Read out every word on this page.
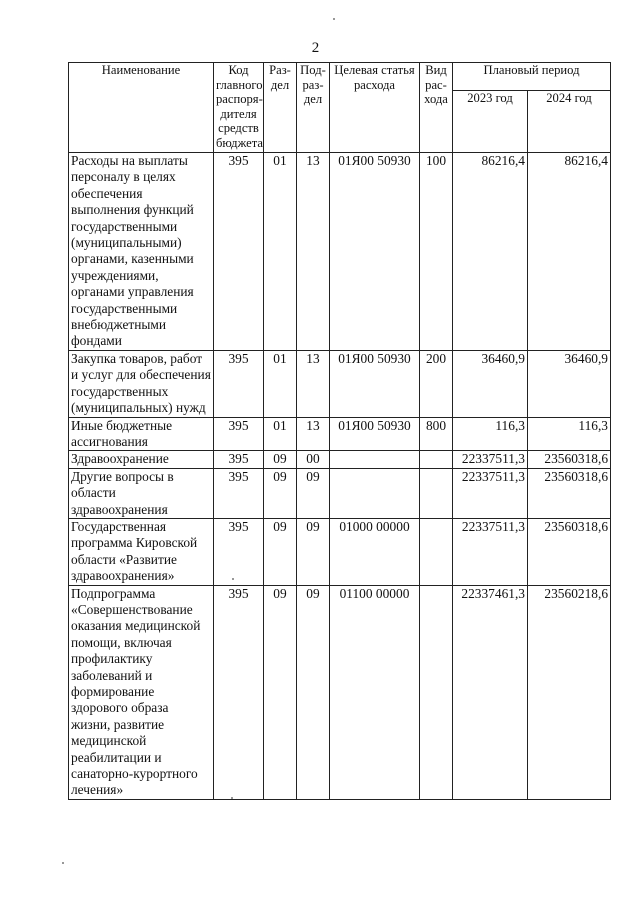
2
Наименование	Код главного распоря-дителя средств бюджета	Раз-дел	Под-раз-дел	Целевая статья расхода	Вид рас-хода	Плановый период	
						2023 год	2024 год
Расходы на выплаты персоналу в целях обеспечения выполнения функций государственными (муниципальными) органами, казенными учреждениями, органами управления государственными внебюджетными фондами	395	01	13	01Я00 50930	100	86216,4	86216,4
Закупка товаров, работ и услуг для обеспечения государственных (муниципальных) нужд	395	01	13	01Я00 50930	200	36460,9	36460,9
Иные бюджетные ассигнования	395	01	13	01Я00 50930	800	116,3	116,3
Здравоохранение	395	09	00			22337511,3	23560318,6
Другие вопросы в области здравоохранения	395	09	09			22337511,3	23560318,6
Государственная программа Кировской области «Развитие здравоохранения»	395	09	09	01000 00000		22337511,3	23560318,6
Подпрограмма «Совершенствование оказания медицинской помощи, включая профилактику заболеваний и формирование здорового образа жизни, развитие медицинской реабилитации и санаторно-курортного лечения»	395	09	09	01100 00000		22337461,3	23560218,6
